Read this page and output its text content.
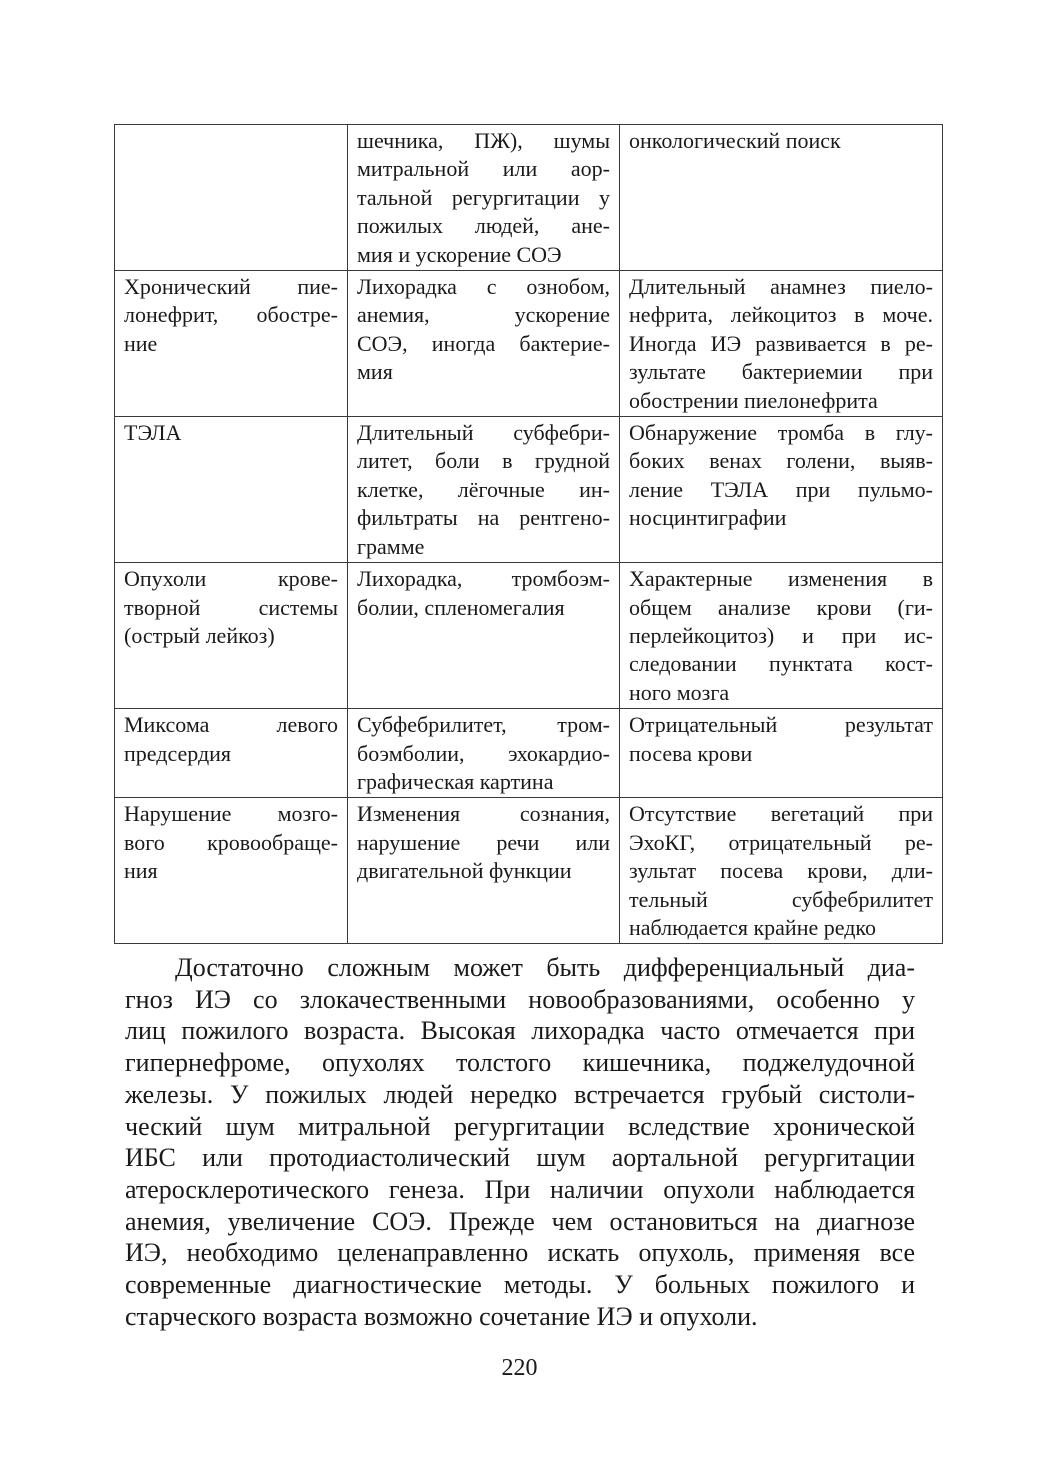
	шечника, ПЖ), шумы
митральной или аор-
тальной регургитации у
пожилых людей, ане-
мия и ускорение СОЭ	онкологический поиск

Хронический пие-
лонефрит, обостре-
ние	Лихорадка с ознобом,
анемия, ускорение
СОЭ, иногда бактерие-
мия	Длительный анамнез пиело-
нефрита, лейкоцитоз в моче.
Иногда ИЭ развивается в ре-
зультате бактериемии при
обострении пиелонефрита

ТЭЛА	Длительный субфебри-
литет, боли в грудной
клетке, лёгочные ин-
фильтраты на рентгено-
грамме	Обнаружение тромба в глу-
боких венах голени, выяв-
ление ТЭЛА при пульмо-
носцинтиграфии

Опухоли крове-
творной системы
(острый лейкоз)	Лихорадка, тромбоэм-
болии, спленомегалия	Характерные изменения в
общем анализе крови (ги-
перлейкоцитоз) и при ис-
следовании пунктата кост-
ного мозга

Миксома левого
предсердия	Субфебрилитет, тром-
боэмболии, эхокардио-
графическая картина	Отрицательный результат
посева крови

Нарушение мозго-
вого кровообраще-
ния	Изменения сознания,
нарушение речи или
двигательной функции	Отсутствие вегетаций при
ЭхоКГ, отрицательный ре-
зультат посева крови, дли-
тельный субфебрилитет
наблюдается крайне редко
Достаточно сложным может быть дифференциальный диа-
гноз ИЭ со злокачественными новообразованиями, особенно у
лиц пожилого возраста. Высокая лихорадка часто отмечается при
гипернефроме, опухолях толстого кишечника, поджелудочной
железы. У пожилых людей нередко встречается грубый систоли-
ческий шум митральной регургитации вследствие хронической
ИБС или протодиастолический шум аортальной регургитации
атеросклеротического генеза. При наличии опухоли наблюдается
анемия, увеличение СОЭ. Прежде чем остановиться на диагнозе
ИЭ, необходимо целенаправленно искать опухоль, применяя все
современные диагностические методы. У больных пожилого и
старческого возраста возможно сочетание ИЭ и опухоли.
220
